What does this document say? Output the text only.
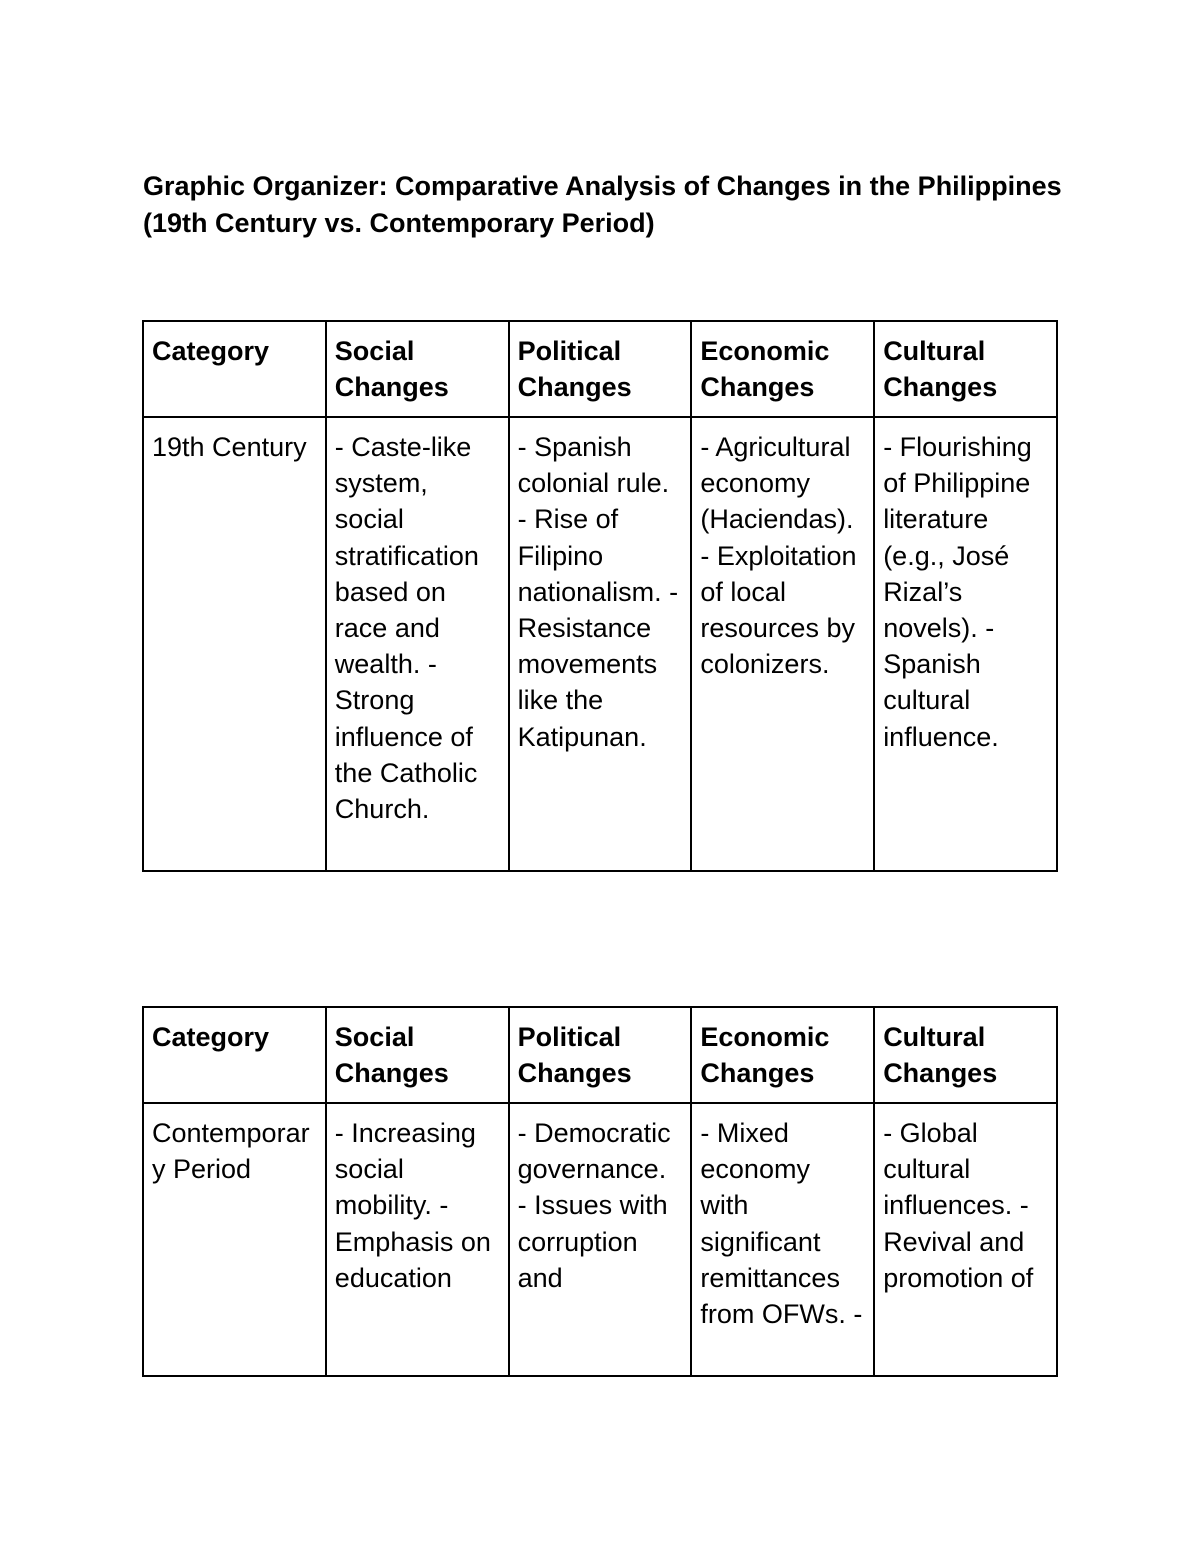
Graphic Organizer: Comparative Analysis of Changes in the Philippines (19th Century vs. Contemporary Period)
Category	Social Changes	Political Changes	Economic Changes	Cultural Changes
19th Century	- Caste-like system, social stratification based on race and wealth. - Strong influence of the Catholic Church.	- Spanish colonial rule. - Rise of Filipino nationalism. - Resistance movements like the Katipunan.	- Agricultural economy (Haciendas). - Exploitation of local resources by colonizers.	- Flourishing of Philippine literature (e.g., José Rizal’s novels). - Spanish cultural influence.
Category	Social Changes	Political Changes	Economic Changes	Cultural Changes
Contemporary Period	- Increasing social mobility. - Emphasis on education	- Democratic governance. - Issues with corruption and	- Mixed economy with significant remittances from OFWs. -	- Global cultural influences. - Revival and promotion of
